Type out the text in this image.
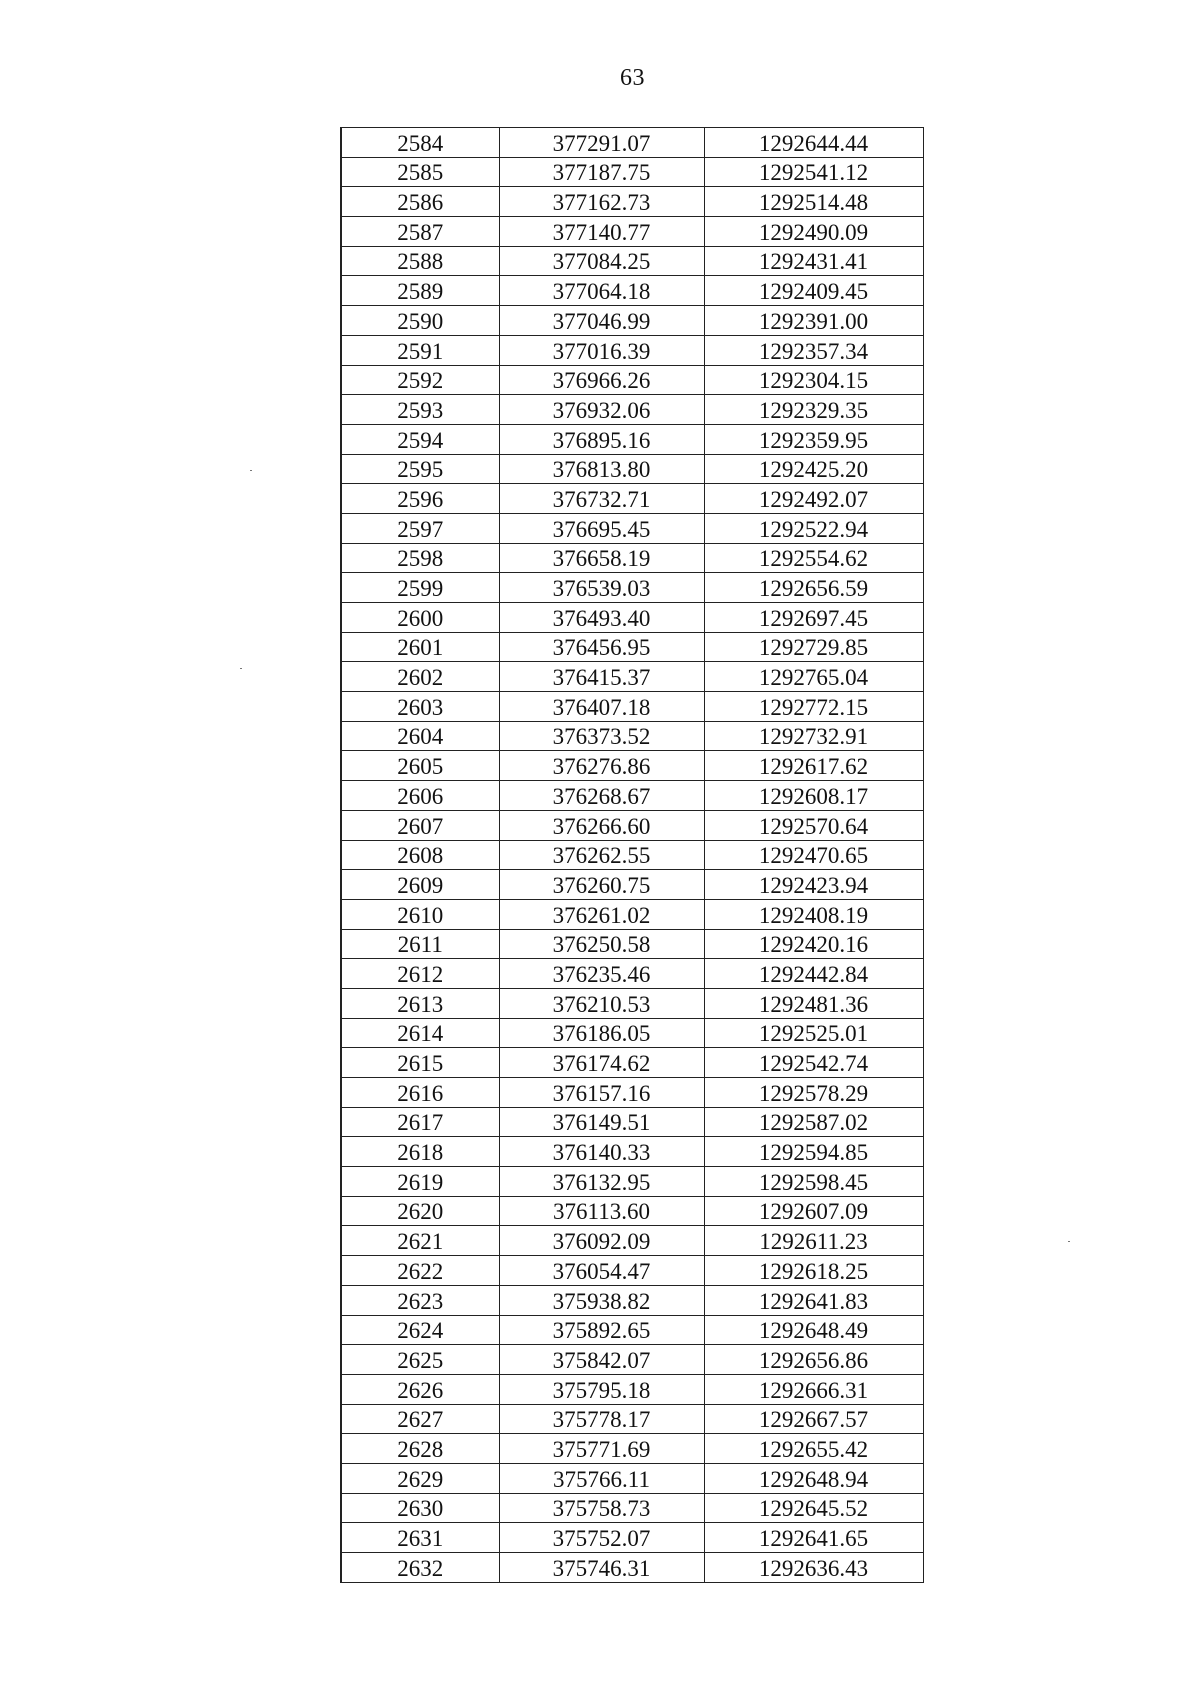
63
2584	377291.07	1292644.44
2585	377187.75	1292541.12
2586	377162.73	1292514.48
2587	377140.77	1292490.09
2588	377084.25	1292431.41
2589	377064.18	1292409.45
2590	377046.99	1292391.00
2591	377016.39	1292357.34
2592	376966.26	1292304.15
2593	376932.06	1292329.35
2594	376895.16	1292359.95
2595	376813.80	1292425.20
2596	376732.71	1292492.07
2597	376695.45	1292522.94
2598	376658.19	1292554.62
2599	376539.03	1292656.59
2600	376493.40	1292697.45
2601	376456.95	1292729.85
2602	376415.37	1292765.04
2603	376407.18	1292772.15
2604	376373.52	1292732.91
2605	376276.86	1292617.62
2606	376268.67	1292608.17
2607	376266.60	1292570.64
2608	376262.55	1292470.65
2609	376260.75	1292423.94
2610	376261.02	1292408.19
2611	376250.58	1292420.16
2612	376235.46	1292442.84
2613	376210.53	1292481.36
2614	376186.05	1292525.01
2615	376174.62	1292542.74
2616	376157.16	1292578.29
2617	376149.51	1292587.02
2618	376140.33	1292594.85
2619	376132.95	1292598.45
2620	376113.60	1292607.09
2621	376092.09	1292611.23
2622	376054.47	1292618.25
2623	375938.82	1292641.83
2624	375892.65	1292648.49
2625	375842.07	1292656.86
2626	375795.18	1292666.31
2627	375778.17	1292667.57
2628	375771.69	1292655.42
2629	375766.11	1292648.94
2630	375758.73	1292645.52
2631	375752.07	1292641.65
2632	375746.31	1292636.43
